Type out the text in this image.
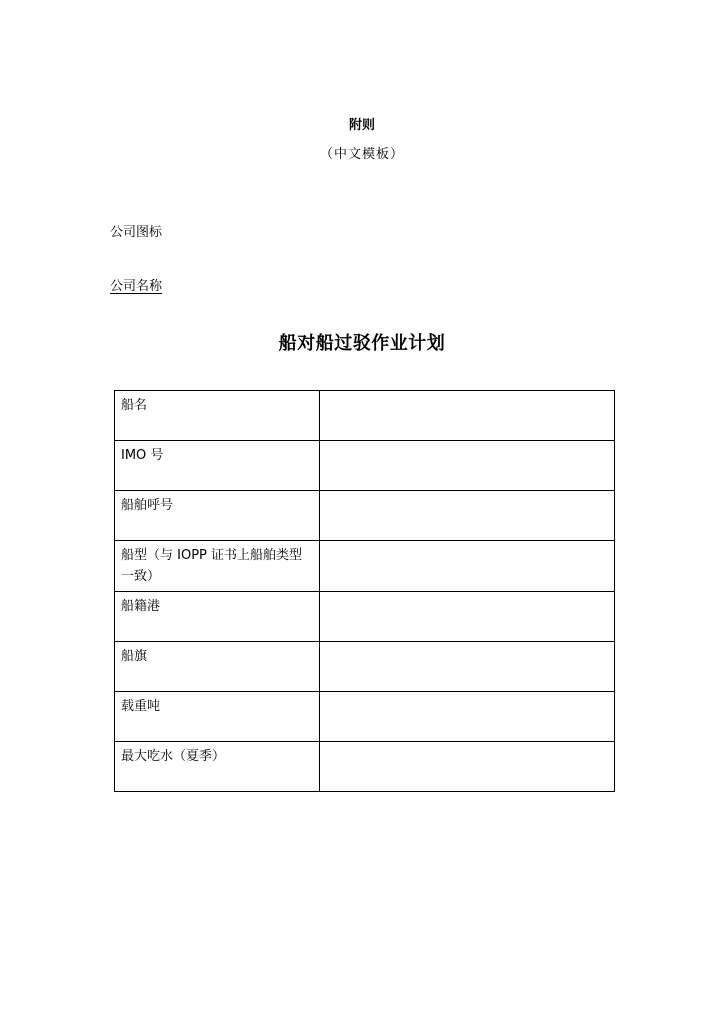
附则
（中文模板）
公司图标
公司名称
船对船过驳作业计划
船名	
IMO 号	
船舶呼号	
船型（与 IOPP 证书上船舶类型一致）	
船籍港	
船旗	
载重吨	
最大吃水（夏季）	
